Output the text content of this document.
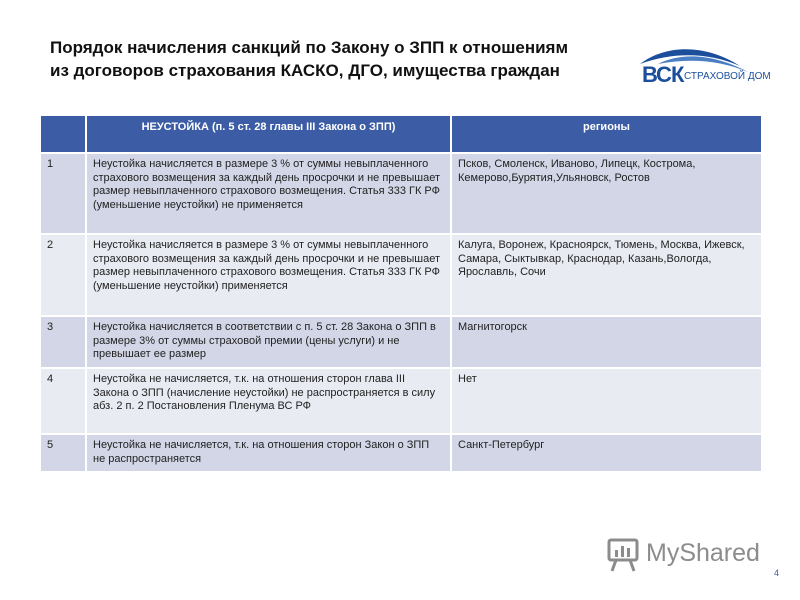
Порядок начисления санкций по Закону о ЗПП к отношениям
из договоров страхования КАСКО, ДГО, имущества граждан	ВСК СТРАХОВОЙ ДОМ
	НЕУСТОЙКА (п. 5 ст. 28 главы III Закона о ЗПП)	регионы
1	Неустойка начисляется в размере 3 % от суммы невыплаченного страхового возмещения за каждый день просрочки и не превышает размер невыплаченного страхового возмещения. Статья 333 ГК РФ (уменьшение неустойки) не применяется	Псков, Смоленск, Иваново, Липецк, Кострома, Кемерово,Бурятия,Ульяновск, Ростов
2	Неустойка начисляется в размере 3 % от суммы невыплаченного страхового возмещения за каждый день просрочки и не превышает размер невыплаченного страхового возмещения. Статья 333 ГК РФ (уменьшение неустойки) применяется	Калуга, Воронеж, Красноярск, Тюмень, Москва, Ижевск, Самара, Сыктывкар, Краснодар, Казань,Вологда, Ярославль, Сочи
3	Неустойка начисляется в соответствии с п. 5 ст. 28 Закона о ЗПП в размере 3% от суммы страховой премии (цены услуги) и не превышает ее размер	Магнитогорск
4	Неустойка не начисляется, т.к. на отношения сторон глава III Закона о ЗПП (начисление неустойки) не распространяется в силу абз. 2 п. 2 Постановления Пленума ВС РФ	Нет
5	Неустойка не начисляется, т.к. на отношения сторон Закон о ЗПП не распространяется	Санкт-Петербург
MyShared
4
